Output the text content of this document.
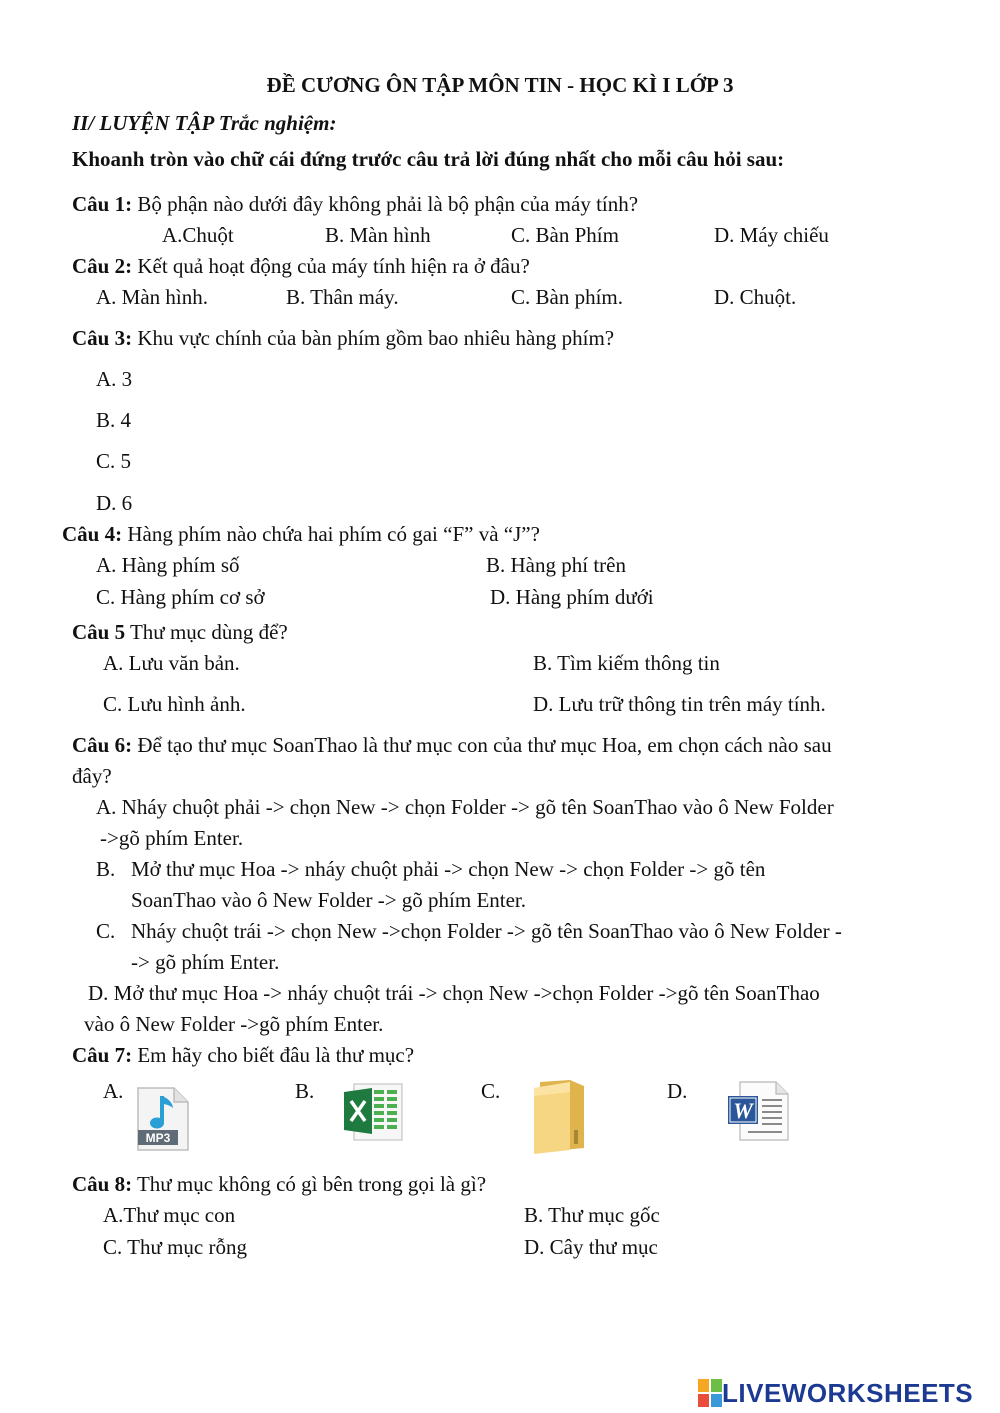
ĐỀ CƯƠNG ÔN TẬP MÔN TIN - HỌC KÌ I LỚP 3
II/ LUYỆN TẬP Trắc nghiệm:
Khoanh tròn vào chữ cái đứng trước câu trả lời đúng nhất cho mỗi câu hỏi sau:
Câu 1: Bộ phận nào dưới đây không phải là bộ phận của máy tính?
A.Chuột	B. Màn hình	C. Bàn Phím	D. Máy chiếu
Câu 2: Kết quả hoạt động của máy tính hiện ra ở đâu?
A. Màn hình.	B. Thân máy.	C. Bàn phím.	D. Chuột.
Câu 3: Khu vực chính của bàn phím gồm bao nhiêu hàng phím?
A. 3
B. 4
C. 5
D. 6
Câu 4: Hàng phím nào chứa hai phím có gai “F” và “J”?
A. Hàng phím số	B. Hàng phí trên
C. Hàng phím cơ sở	D. Hàng phím dưới
Câu 5 Thư mục dùng để?
A. Lưu văn bản.	B. Tìm kiếm thông tin
C. Lưu hình ảnh.	D. Lưu trữ thông tin trên máy tính.
Câu 6: Để tạo thư mục SoanThao là thư mục con của thư mục Hoa, em chọn cách nào sau
đây?
A. Nháy chuột phải -> chọn New -> chọn Folder -> gõ tên SoanThao vào ô New Folder
->gõ phím Enter.
B. Mở thư mục Hoa -> nháy chuột phải -> chọn New -> chọn Folder -> gõ tên
SoanThao vào ô New Folder -> gõ phím Enter.
C. Nháy chuột trái -> chọn New ->chọn Folder -> gõ tên SoanThao vào ô New Folder -
-> gõ phím Enter.
D. Mở thư mục Hoa -> nháy chuột trái -> chọn New ->chọn Folder ->gõ tên SoanThao
vào ô New Folder ->gõ phím Enter.
Câu 7: Em hãy cho biết đâu là thư mục?
A.	B.	C.	D.
MP3
W
Câu 8: Thư mục không có gì bên trong gọi là gì?
A.Thư mục con	B. Thư mục gốc
C. Thư mục rỗng	D. Cây thư mục
LIVEWORKSHEETS
